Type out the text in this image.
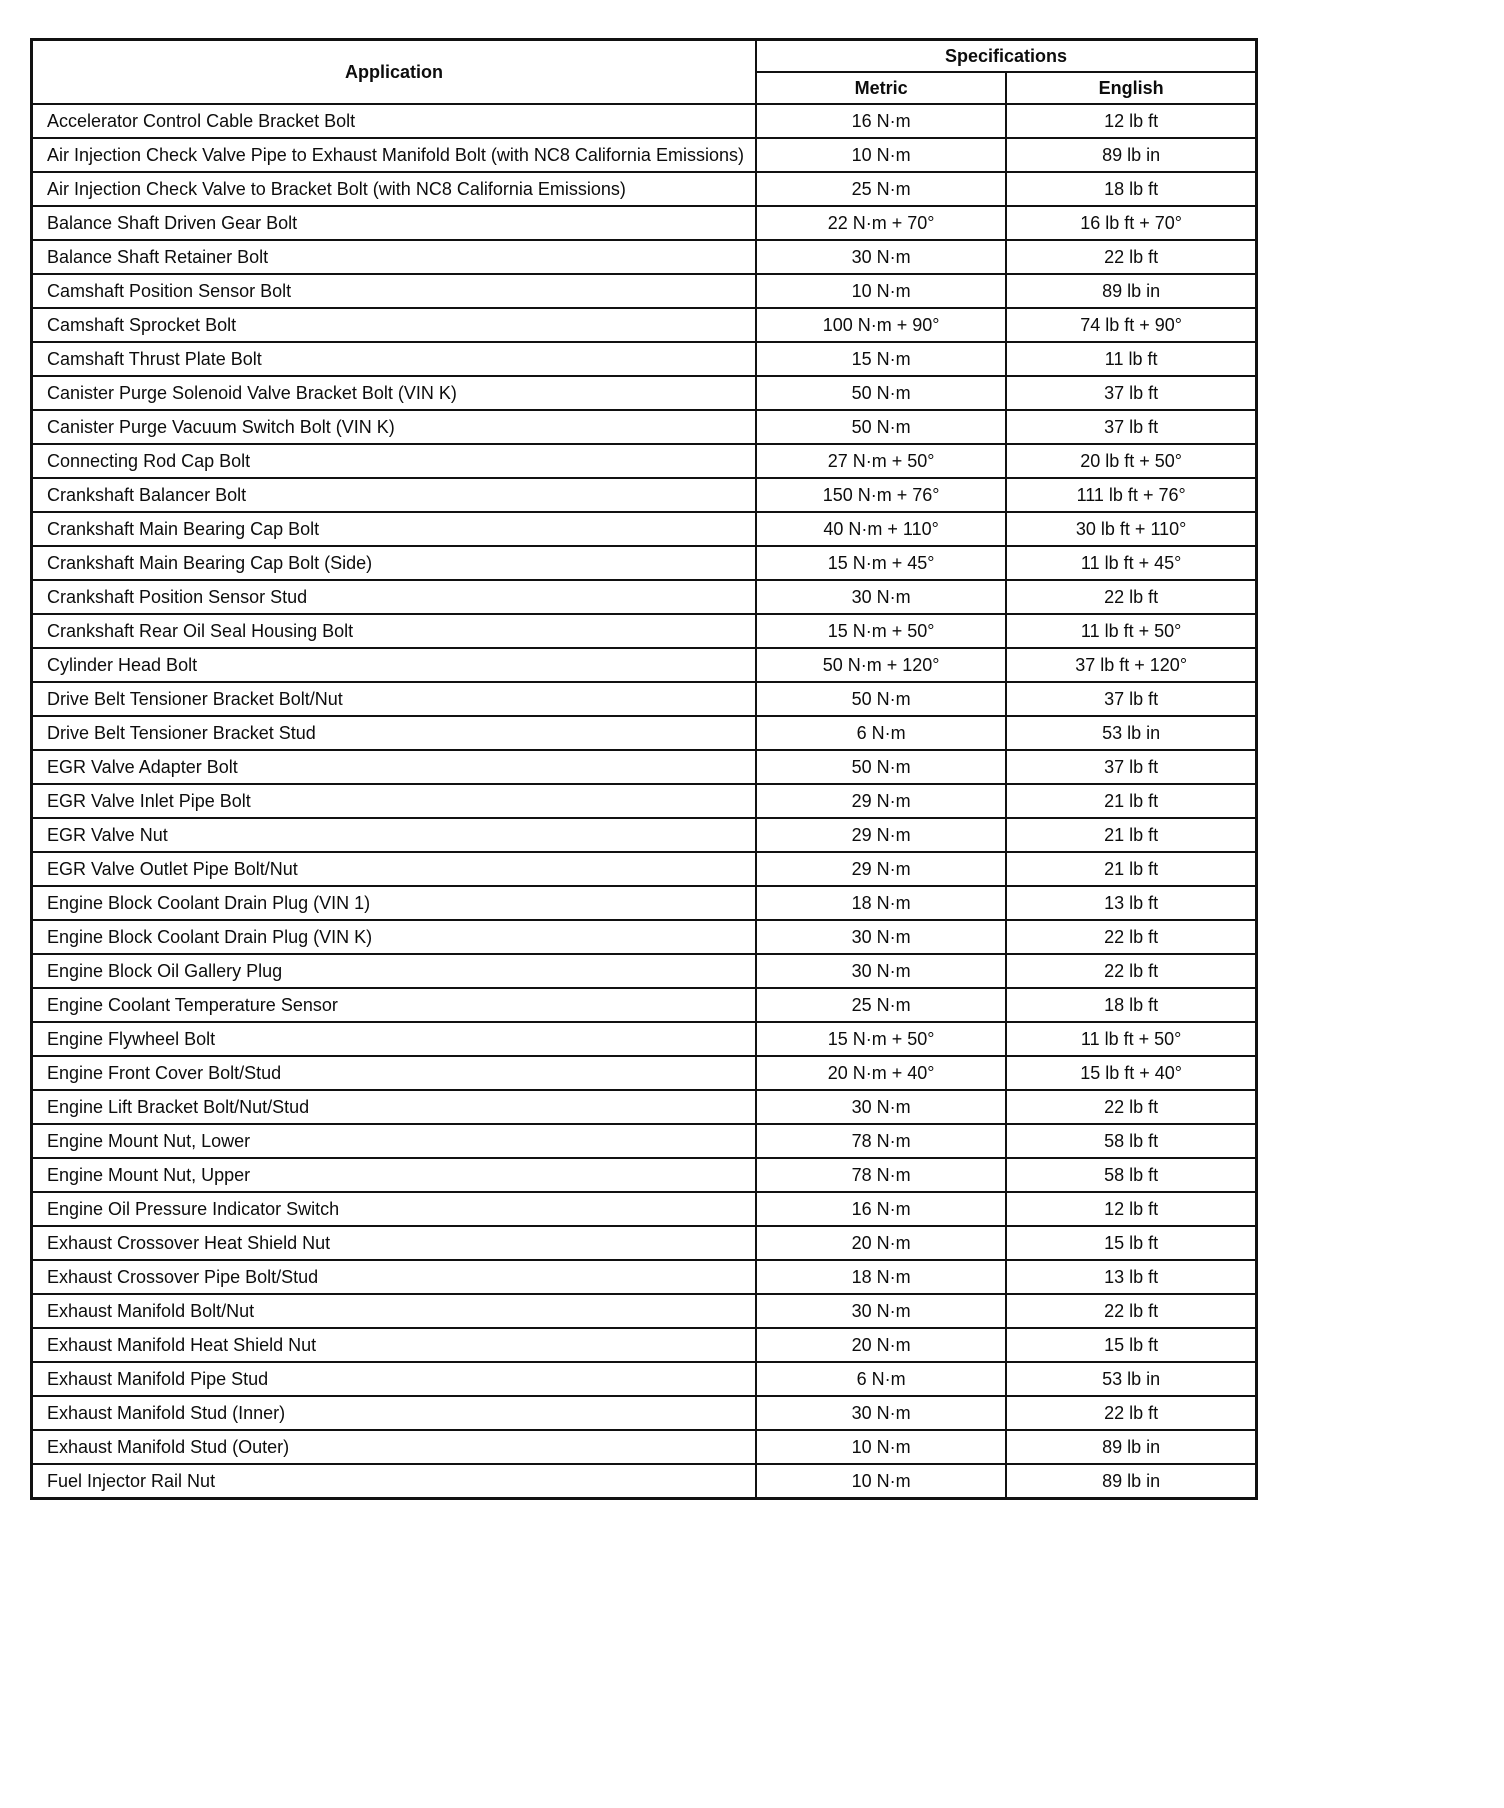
Application	Specifications	
	Metric	English
Accelerator Control Cable Bracket Bolt	16 N·m	12 lb ft
Air Injection Check Valve Pipe to Exhaust Manifold Bolt (with NC8 California Emissions)	10 N·m	89 lb in
Air Injection Check Valve to Bracket Bolt (with NC8 California Emissions)	25 N·m	18 lb ft
Balance Shaft Driven Gear Bolt	22 N·m + 70°	16 lb ft + 70°
Balance Shaft Retainer Bolt	30 N·m	22 lb ft
Camshaft Position Sensor Bolt	10 N·m	89 lb in
Camshaft Sprocket Bolt	100 N·m + 90°	74 lb ft + 90°
Camshaft Thrust Plate Bolt	15 N·m	11 lb ft
Canister Purge Solenoid Valve Bracket Bolt (VIN K)	50 N·m	37 lb ft
Canister Purge Vacuum Switch Bolt (VIN K)	50 N·m	37 lb ft
Connecting Rod Cap Bolt	27 N·m + 50°	20 lb ft + 50°
Crankshaft Balancer Bolt	150 N·m + 76°	111 lb ft + 76°
Crankshaft Main Bearing Cap Bolt	40 N·m + 110°	30 lb ft + 110°
Crankshaft Main Bearing Cap Bolt (Side)	15 N·m + 45°	11 lb ft + 45°
Crankshaft Position Sensor Stud	30 N·m	22 lb ft
Crankshaft Rear Oil Seal Housing Bolt	15 N·m + 50°	11 lb ft + 50°
Cylinder Head Bolt	50 N·m + 120°	37 lb ft + 120°
Drive Belt Tensioner Bracket Bolt/Nut	50 N·m	37 lb ft
Drive Belt Tensioner Bracket Stud	6 N·m	53 lb in
EGR Valve Adapter Bolt	50 N·m	37 lb ft
EGR Valve Inlet Pipe Bolt	29 N·m	21 lb ft
EGR Valve Nut	29 N·m	21 lb ft
EGR Valve Outlet Pipe Bolt/Nut	29 N·m	21 lb ft
Engine Block Coolant Drain Plug (VIN 1)	18 N·m	13 lb ft
Engine Block Coolant Drain Plug (VIN K)	30 N·m	22 lb ft
Engine Block Oil Gallery Plug	30 N·m	22 lb ft
Engine Coolant Temperature Sensor	25 N·m	18 lb ft
Engine Flywheel Bolt	15 N·m + 50°	11 lb ft + 50°
Engine Front Cover Bolt/Stud	20 N·m + 40°	15 lb ft + 40°
Engine Lift Bracket Bolt/Nut/Stud	30 N·m	22 lb ft
Engine Mount Nut, Lower	78 N·m	58 lb ft
Engine Mount Nut, Upper	78 N·m	58 lb ft
Engine Oil Pressure Indicator Switch	16 N·m	12 lb ft
Exhaust Crossover Heat Shield Nut	20 N·m	15 lb ft
Exhaust Crossover Pipe Bolt/Stud	18 N·m	13 lb ft
Exhaust Manifold Bolt/Nut	30 N·m	22 lb ft
Exhaust Manifold Heat Shield Nut	20 N·m	15 lb ft
Exhaust Manifold Pipe Stud	6 N·m	53 lb in
Exhaust Manifold Stud (Inner)	30 N·m	22 lb ft
Exhaust Manifold Stud (Outer)	10 N·m	89 lb in
Fuel Injector Rail Nut	10 N·m	89 lb in
